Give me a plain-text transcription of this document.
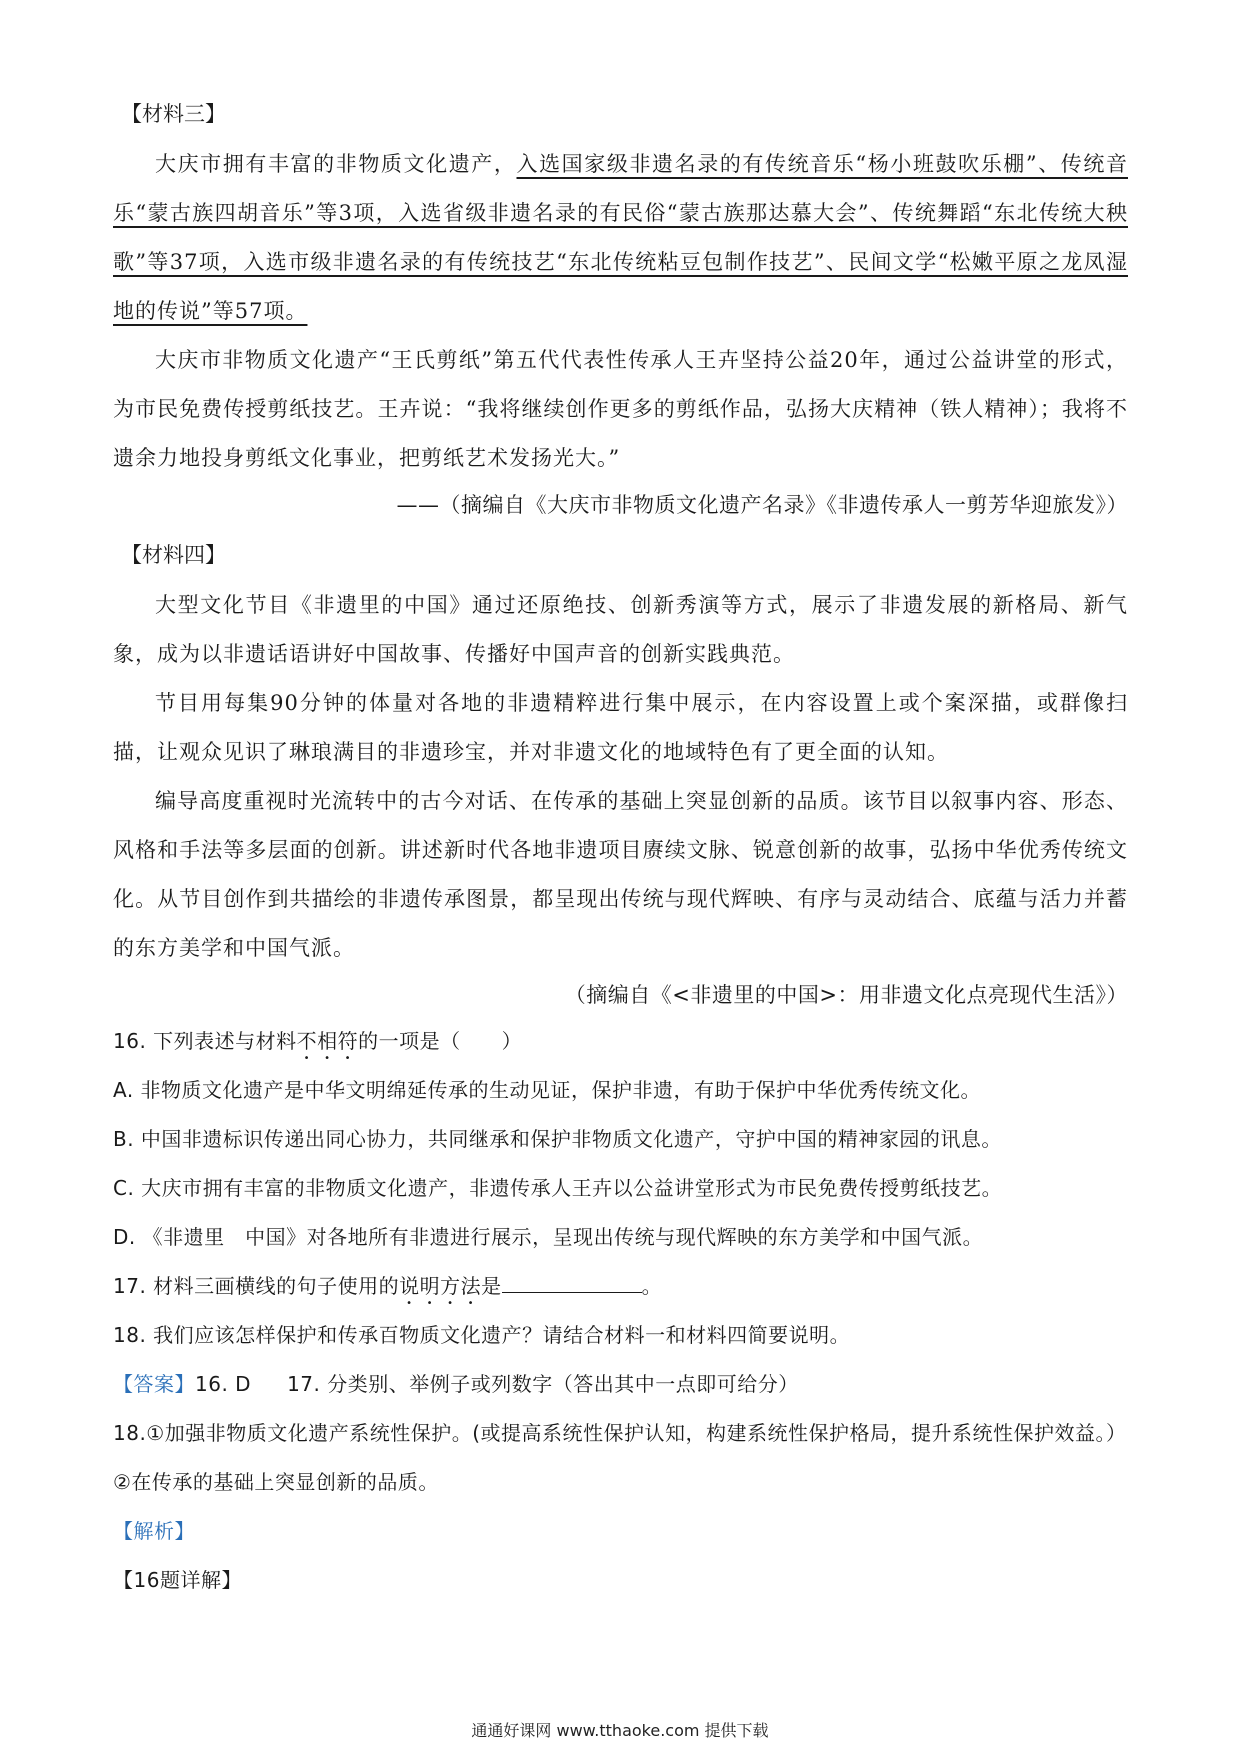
【材料三】

大庆市拥有丰富的非物质文化遗产，入选国家级非遗名录的有传统音乐“杨小班鼓吹乐棚”、传统音乐“蒙古族四胡音乐”等3项，入选省级非遗名录的有民俗“蒙古族那达慕大会”、传统舞蹈“东北传统大秧歌”等37项，入选市级非遗名录的有传统技艺“东北传统粘豆包制作技艺”、民间文学“松嫩平原之龙凤湿地的传说”等57项。

大庆市非物质文化遗产“王氏剪纸”第五代代表性传承人王卉坚持公益20年，通过公益讲堂的形式，为市民免费传授剪纸技艺。王卉说：“我将继续创作更多的剪纸作品，弘扬大庆精神（铁人精神）；我将不遗余力地投身剪纸文化事业，把剪纸艺术发扬光大。”

——（摘编自《大庆市非物质文化遗产名录》《非遗传承人一剪芳华迎旅发》）

【材料四】

大型文化节目《非遗里的中国》通过还原绝技、创新秀演等方式，展示了非遗发展的新格局、新气象，成为以非遗话语讲好中国故事、传播好中国声音的创新实践典范。

节目用每集90分钟的体量对各地的非遗精粹进行集中展示，在内容设置上或个案深描，或群像扫描，让观众见识了琳琅满目的非遗珍宝，并对非遗文化的地域特色有了更全面的认知。

编导高度重视时光流转中的古今对话、在传承的基础上突显创新的品质。该节目以叙事内容、形态、风格和手法等多层面的创新。讲述新时代各地非遗项目赓续文脉、锐意创新的故事，弘扬中华优秀传统文化。从节目创作到共描绘的非遗传承图景，都呈现出传统与现代辉映、有序与灵动结合、底蕴与活力并蓄的东方美学和中国气派。

（摘编自《<非遗里的中国>：用非遗文化点亮现代生活》）

16. 下列表述与材料不相符的一项是（　　）

A. 非物质文化遗产是中华文明绵延传承的生动见证，保护非遗，有助于保护中华优秀传统文化。

B. 中国非遗标识传递出同心协力，共同继承和保护非物质文化遗产，守护中国的精神家园的讯息。

C. 大庆市拥有丰富的非物质文化遗产，非遗传承人王卉以公益讲堂形式为市民免费传授剪纸技艺。

D. 《非遗里　中国》对各地所有非遗进行展示，呈现出传统与现代辉映的东方美学和中国气派。

17. 材料三画横线的句子使用的说明方法是	。

18. 我们应该怎样保护和传承百物质文化遗产？请结合材料一和材料四简要说明。

【答案】16. D 17. 分类别、举例子或列数字（答出其中一点即可给分）

18.①加强非物质文化遗产系统性保护。(或提高系统性保护认知，构建系统性保护格局，提升系统性保护效益。）②在传承的基础上突显创新的品质。

【解析】

【16题详解】

通通好课网 www.tthaoke.com 提供下载
